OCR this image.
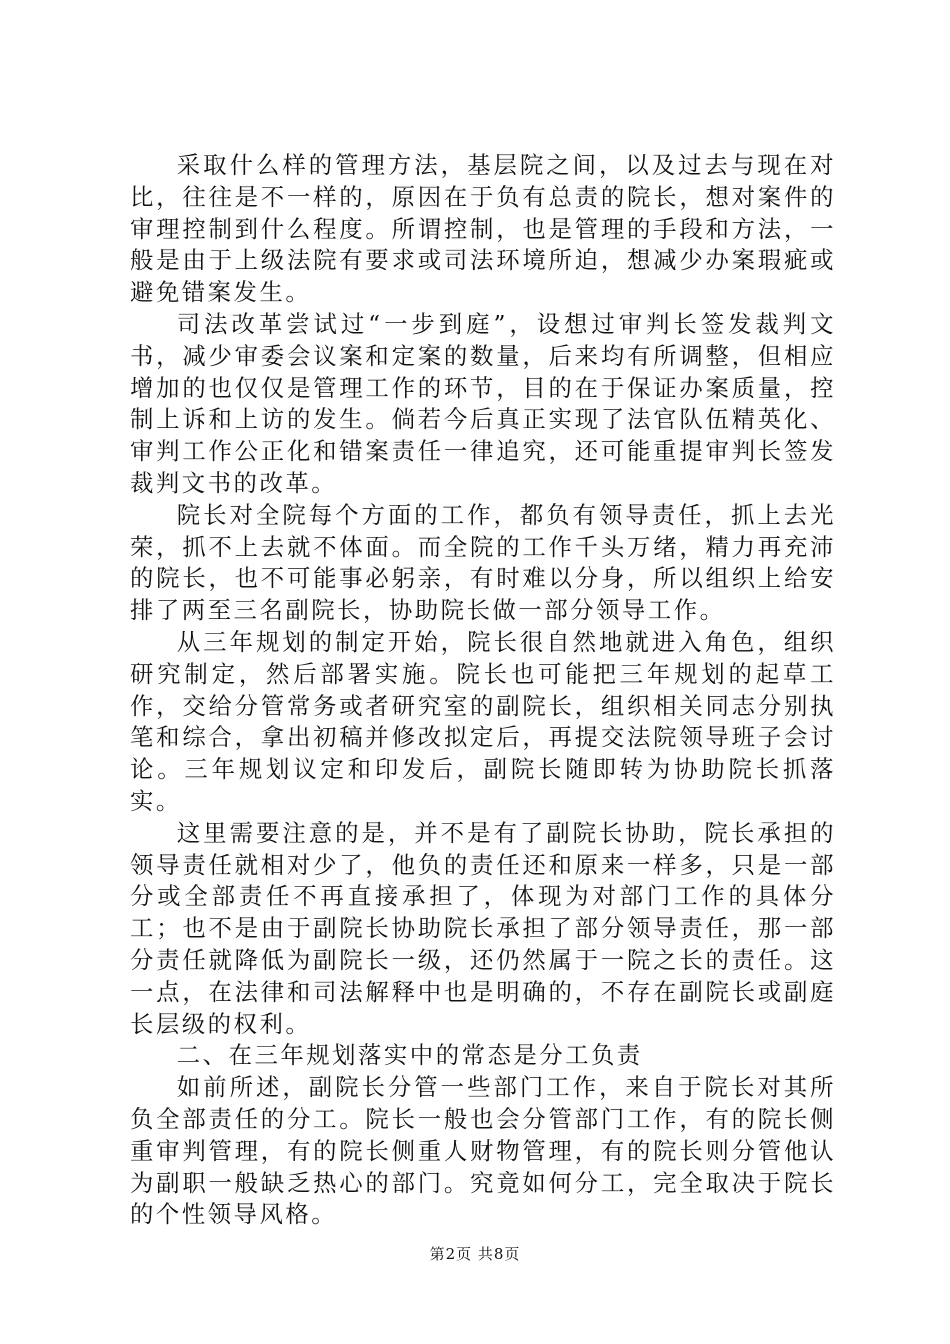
采取什么样的管理方法，基层院之间，以及过去与现在对比，往往是不一样的，原因在于负有总责的院长，想对案件的审理控制到什么程度。所谓控制，也是管理的手段和方法，一般是由于上级法院有要求或司法环境所迫，想减少办案瑕疵或避免错案发生。

司法改革尝试过“一步到庭”，设想过审判长签发裁判文书，减少审委会议案和定案的数量，后来均有所调整，但相应增加的也仅仅是管理工作的环节，目的在于保证办案质量，控制上诉和上访的发生。倘若今后真正实现了法官队伍精英化、审判工作公正化和错案责任一律追究，还可能重提审判长签发裁判文书的改革。

院长对全院每个方面的工作，都负有领导责任，抓上去光荣，抓不上去就不体面。而全院的工作千头万绪，精力再充沛的院长，也不可能事必躬亲，有时难以分身，所以组织上给安排了两至三名副院长，协助院长做一部分领导工作。

从三年规划的制定开始，院长很自然地就进入角色，组织研究制定，然后部署实施。院长也可能把三年规划的起草工作，交给分管常务或者研究室的副院长，组织相关同志分别执笔和综合，拿出初稿并修改拟定后，再提交法院领导班子会讨论。三年规划议定和印发后，副院长随即转为协助院长抓落实。

这里需要注意的是，并不是有了副院长协助，院长承担的领导责任就相对少了，他负的责任还和原来一样多，只是一部分或全部责任不再直接承担了，体现为对部门工作的具体分工；也不是由于副院长协助院长承担了部分领导责任，那一部分责任就降低为副院长一级，还仍然属于一院之长的责任。这一点，在法律和司法解释中也是明确的，不存在副院长或副庭长层级的权利。

二、在三年规划落实中的常态是分工负责

如前所述，副院长分管一些部门工作，来自于院长对其所负全部责任的分工。院长一般也会分管部门工作，有的院长侧重审判管理，有的院长侧重人财物管理，有的院长则分管他认为副职一般缺乏热心的部门。究竟如何分工，完全取决于院长的个性领导风格。

第2页 共8页
